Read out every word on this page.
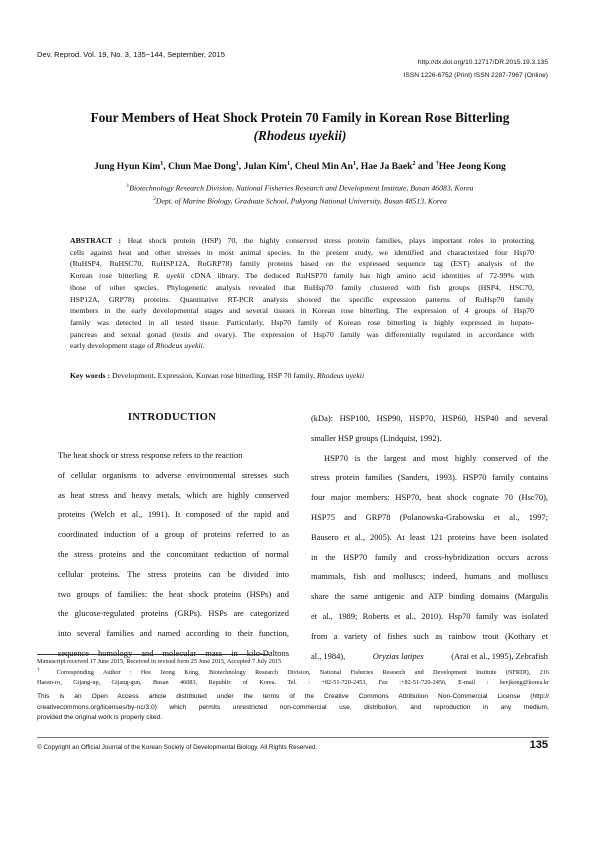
Dev. Reprod. Vol. 19, No. 3, 135~144, September, 2015
http://dx.doi.org/10.12717/DR.2015.19.3.135
ISSN 1226-6752 (Print) ISSN 2287-7967 (Online)
Four Members of Heat Shock Protein 70 Family in Korean Rose Bitterling
(Rhodeus uyekii)
Jung Hyun Kim$^1$, Chun Mae Dong$^1$, Julan Kim$^1$, Cheul Min An$^1$, Hae Ja Baek$^2$ and †Hee Jeong Kong
$^1$Biotechnology Research Division, National Fisheries Research and Development Institute, Busan 46083, Korea
$^2$Dept. of Marine Biology, Graduate School, Pukyong National University, Busan 48513, Korea
ABSTRACT : Heat shock protein (HSP) 70, the highly conserved stress protein families, plays important roles in protecting
cells against heat and other stresses in most animal species. In the present study, we identified and characterized four Hsp70
(RuHSP4, RuHSC70, RuHSP12A, RuGRP78) family proteins based on the expressed sequence tag (EST) analysis of the
Korean rose bitterling R. uyekii cDNA library. The deduced RuHSP70 family has high amino acid identities of 72-99% with
those of other species. Phylogenetic analysis revealed that RuHsp70 family clustered with fish groups (HSP4, HSC70,
HSP12A, GRP78) proteins. Quantitative RT-PCR analysis showed the specific expression patterns of RuHsp70 family
members in the early developmental stages and several tissues in Korean rose bitterling. The expression of 4 groups of Hsp70
family was detected in all tested tissue. Particularly, Hsp70 family of Korean rose bitterling is highly expressed in hepato-
pancreas and sexual gonad (testis and ovary). The expression of Hsp70 family was differentially regulated in accordance with
early development stage of Rhodeus uyekii.
Key words : Development, Expression, Korean rose bitterling, HSP 70 family, Rhodeus uyekii
INTRODUCTION
The heat shock or stress response refers to the reaction
of cellular organisms to adverse environmental stresses such
as heat stress and heavy metals, which are highly conserved
proteins (Welch et al., 1991). It composed of the rapid and
coordinated induction of a group of proteins referred to as
the stress proteins and the concomitant reduction of normal
cellular proteins. The stress proteins can be divided into
two groups of families: the heat shock proteins (HSPs) and
the glucose-regulated proteins (GRPs). HSPs are categorized
into several families and named according to their function,
sequence homology and molecular mass in kilo-Daltons
(kDa): HSP100, HSP90, HSP70, HSP60, HSP40 and several
smaller HSP groups (Lindquist, 1992).
HSP70 is the largest and most highly conserved of the
stress protein families (Sanders, 1993). HSP70 family contains
four major members: HSP70, heat shock cognate 70 (Hsc70),
HSP75 and GRP78 (Polanowska-Grabowska et al., 1997;
Bausero et al., 2005). At least 121 proteins have been isolated
in the HSP70 family and cross-hybridization occurs across
mammals, fish and molluscs; indeed, humans and molluscs
share the same antigenic and ATP binding domains (Margulis
et al., 1989; Roberts et al., 2010). Hsp70 family was isolated
from a variety of fishes such as rainbow trout (Kothary et
al., 1984),	Oryzias latipes	(Arai et al., 1995), Zebrafish
Manuscript received 17 June 2015, Received in revised form 25 June 2015, Accepted 7 July 2015
† Corresponding Author : Hee Jeong Kong, Biotechnology Research Division, National Fisheries Research and Development Institute (NFRDI), 216
Haean-ro, Gijang-up, Gijang-gun, Busan 46083, Republic of Korea. Tel. : +82-51-720-2453, Fax :+82-51-720-2456, E-mail : heejkong@korea.kr
This is an Open Access article distributed under the terms of the Creative Commons Attribution Non-Commercial License (http://
creativecommons.org/licenses/by-nc/3.0) which permits unrestricted non-commercial use, distribution, and reproduction in any medium,
provided the original work is properly cited.
© Copyright an Official Journal of the Korean Society of Developmental Biology. All Rights Reserved.	135
